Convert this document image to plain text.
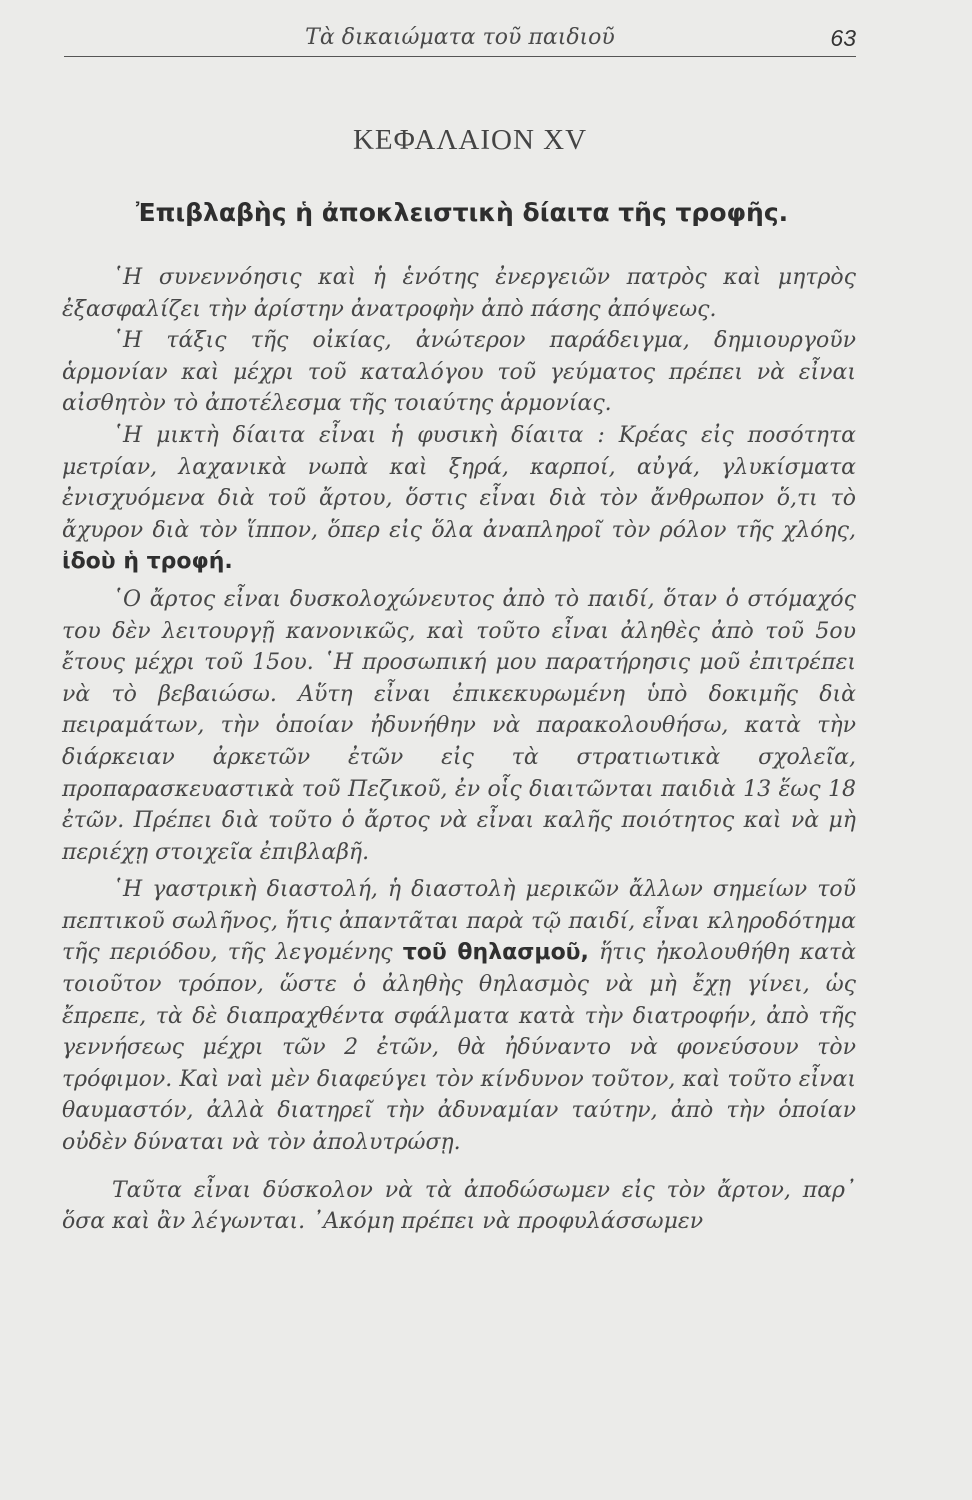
Τὰ δικαιώματα τοῦ παιδιοῦ	63
ΚΕΦΑΛΑΙΟΝ XV
Ἐπιβλαβὴς ἡ ἀποκλειστικὴ δίαιτα τῆς τροφῆς.

῾Η συνεννόησις καὶ ἡ ἑνότης ἐνεργειῶν πατρὸς καὶ μητρὸς ἐξασφαλίζει τὴν ἀρίστην ἀνατροφὴν ἀπὸ πάσης ἀπόψεως.

῾Η τάξις τῆς οἰκίας, ἀνώτερον παράδειγμα, δημιουργοῦν ἁρμονίαν καὶ μέχρι τοῦ καταλόγου τοῦ γεύματος πρέπει νὰ εἶναι αἰσθητὸν τὸ ἀποτέλεσμα τῆς τοιαύτης ἁρμονίας.

῾Η μικτὴ δίαιτα εἶναι ἡ φυσικὴ δίαιτα : Κρέας εἰς ποσότητα μετρίαν, λαχανικὰ νωπὰ καὶ ξηρά, καρποί, αὐγά, γλυκίσματα ἐνισχυόμενα διὰ τοῦ ἄρτου, ὅστις εἶναι διὰ τὸν ἄνθρωπον ὅ,τι τὸ ἄχυρον διὰ τὸν ἵππον, ὅπερ εἰς ὅλα ἀναπληροῖ τὸν ρόλον τῆς χλόης, ἰδοὺ ἡ τροφή.

῾Ο ἄρτος εἶναι δυσκολοχώνευτος ἀπὸ τὸ παιδί, ὅταν ὁ στόμαχός του δὲν λειτουργῇ κανονικῶς, καὶ τοῦτο εἶναι ἀληθὲς ἀπὸ τοῦ 5ου ἔτους μέχρι τοῦ 15ου. ῾Η προσωπική μου παρατήρησις μοῦ ἐπιτρέπει νὰ τὸ βεβαιώσω. Αὕτη εἶναι ἐπικεκυρωμένη ὑπὸ δοκιμῆς διὰ πειραμάτων, τὴν ὁποίαν ἠδυνήθην νὰ παρακολουθήσω, κατὰ τὴν διάρκειαν ἀρκετῶν ἐτῶν εἰς τὰ στρατιωτικὰ σχολεῖα, προπαρασκευαστικὰ τοῦ Πεζικοῦ, ἐν οἷς διαιτῶνται παιδιὰ 13 ἕως 18 ἐτῶν. Πρέπει διὰ τοῦτο ὁ ἄρτος νὰ εἶναι καλῆς ποιότητος καὶ νὰ μὴ περιέχῃ στοιχεῖα ἐπιβλαβῆ.

῾Η γαστρικὴ διαστολή, ἡ διαστολὴ μερικῶν ἄλλων σημείων τοῦ πεπτικοῦ σωλῆνος, ἥτις ἀπαντᾶται παρὰ τῷ παιδί, εἶναι κληροδότημα τῆς περιόδου, τῆς λεγομένης τοῦ θηλασμοῦ, ἥτις ἠκολουθήθη κατὰ τοιοῦτον τρόπον, ὥστε ὁ ἀληθὴς θηλασμὸς νὰ μὴ ἔχῃ γίνει, ὡς ἔπρεπε, τὰ δὲ διαπραχθέντα σφάλματα κατὰ τὴν διατροφήν, ἀπὸ τῆς γεννήσεως μέχρι τῶν 2 ἐτῶν, θὰ ἠδύναντο νὰ φονεύσουν τὸν τρόφιμον. Καὶ ναὶ μὲν διαφεύγει τὸν κίνδυνον τοῦτον, καὶ τοῦτο εἶναι θαυμαστόν, ἀλλὰ διατηρεῖ τὴν ἀδυναμίαν ταύτην, ἀπὸ τὴν ὁποίαν οὐδὲν δύναται νὰ τὸν ἀπολυτρώσῃ.

Ταῦτα εἶναι δύσκολον νὰ τὰ ἀποδώσωμεν εἰς τὸν ἄρτον, παρ᾽ ὅσα καὶ ἂν λέγωνται. ᾽Ακόμη πρέπει νὰ προφυλάσσωμεν
